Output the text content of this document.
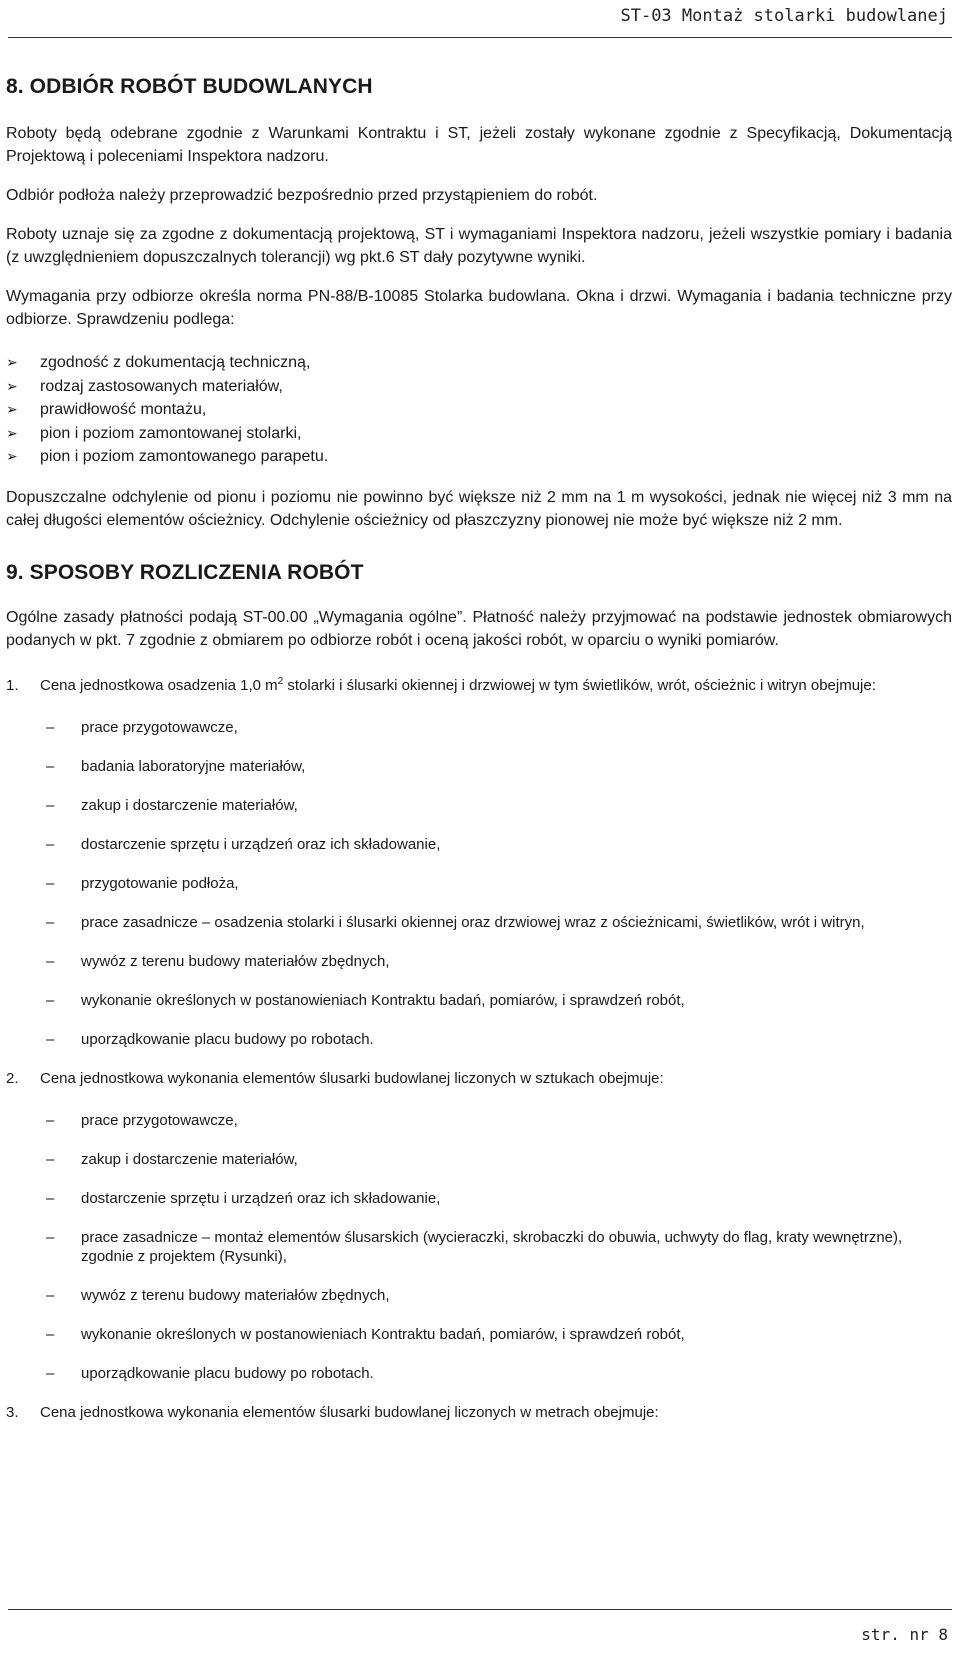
ST-03 Montaż stolarki budowlanej
8. ODBIÓR ROBÓT BUDOWLANYCH

Roboty będą odebrane zgodnie z Warunkami Kontraktu i ST, jeżeli zostały wykonane zgodnie z Specyfikacją, Dokumentacją Projektową i poleceniami Inspektora nadzoru.

Odbiór podłoża należy przeprowadzić bezpośrednio przed przystąpieniem do robót.

Roboty uznaje się za zgodne z dokumentacją projektową, ST i wymaganiami Inspektora nadzoru, jeżeli wszystkie pomiary i badania (z uwzględnieniem dopuszczalnych tolerancji) wg pkt.6 ST dały pozytywne wyniki.

Wymagania przy odbiorze określa norma PN-88/B-10085 Stolarka budowlana. Okna i drzwi. Wymagania i badania techniczne przy odbiorze. Sprawdzeniu podlega:

➢ zgodność z dokumentacją techniczną,
➢ rodzaj zastosowanych materiałów,
➢ prawidłowość montażu,
➢ pion i poziom zamontowanej stolarki,
➢ pion i poziom zamontowanego parapetu.

Dopuszczalne odchylenie od pionu i poziomu nie powinno być większe niż 2 mm na 1 m wysokości, jednak nie więcej niż 3 mm na całej długości elementów ościeżnicy. Odchylenie ościeżnicy od płaszczyzny pionowej nie może być większe niż 2 mm.

9. SPOSOBY ROZLICZENIA ROBÓT

Ogólne zasady płatności podają ST-00.00 „Wymagania ogólne”. Płatność należy przyjmować na podstawie jednostek obmiarowych podanych w pkt. 7 zgodnie z obmiarem po odbiorze robót i oceną jakości robót, w oparciu o wyniki pomiarów.

1.	Cena jednostkowa osadzenia 1,0 $m^2$ stolarki i ślusarki okiennej i drzwiowej w tym świetlików, wrót, ościeżnic i witryn obejmuje:
– prace przygotowawcze,
– badania laboratoryjne materiałów,
– zakup i dostarczenie materiałów,
– dostarczenie sprzętu i urządzeń oraz ich składowanie,
– przygotowanie podłoża,
– prace zasadnicze – osadzenia stolarki i ślusarki okiennej oraz drzwiowej wraz z ościeżnicami, świetlików, wrót i witryn,
– wywóz z terenu budowy materiałów zbędnych,
– wykonanie określonych w postanowieniach Kontraktu badań, pomiarów, i sprawdzeń robót,
– uporządkowanie placu budowy po robotach.
2.	Cena jednostkowa wykonania elementów ślusarki budowlanej liczonych w sztukach obejmuje:
– prace przygotowawcze,
– zakup i dostarczenie materiałów,
– dostarczenie sprzętu i urządzeń oraz ich składowanie,
– prace zasadnicze – montaż elementów ślusarskich (wycieraczki, skrobaczki do obuwia, uchwyty do flag, kraty wewnętrzne), zgodnie z projektem (Rysunki),
– wywóz z terenu budowy materiałów zbędnych,
– wykonanie określonych w postanowieniach Kontraktu badań, pomiarów, i sprawdzeń robót,
– uporządkowanie placu budowy po robotach.
3.	Cena jednostkowa wykonania elementów ślusarki budowlanej liczonych w metrach obejmuje:
str. nr 8
